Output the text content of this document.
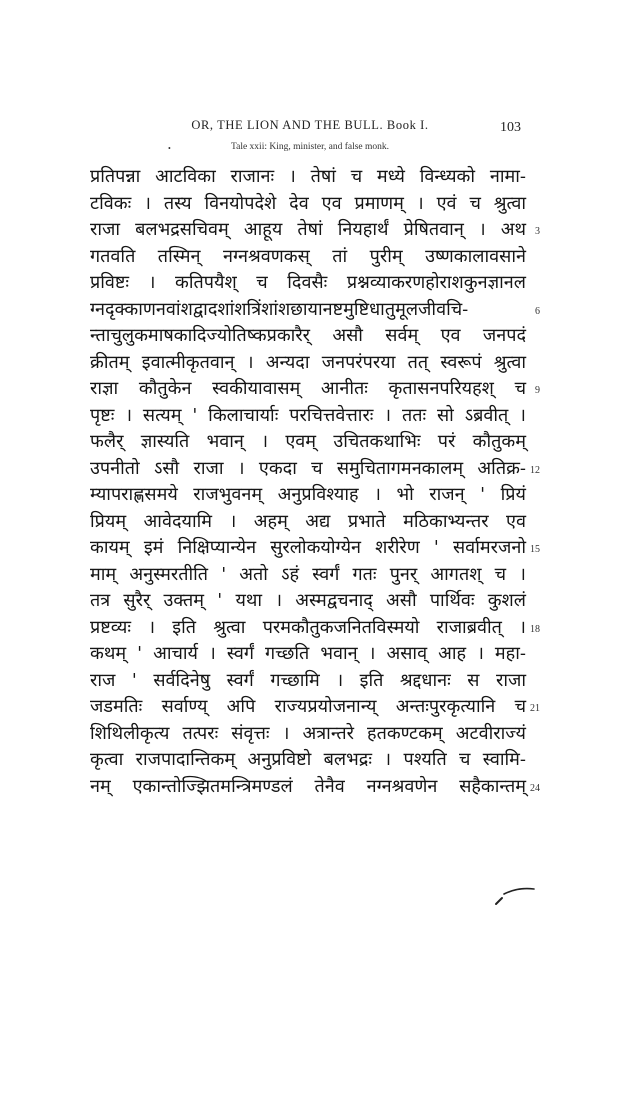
OR, THE LION AND THE BULL. Book I.	103
•	Tale xxii: King, minister, and false monk.
प्रतिपन्ना आटविका राजानः । तेषां च मध्ये विन्ध्यको नामा-
टविकः । तस्य विनयोपदेशे देव एव प्रमाणम् । एवं च श्रुत्वा
राजा बलभद्रसचिवम् आहूय तेषां नियहार्थं प्रेषितवान् । अथ 3
गतवति तस्मिन् नग्नश्रवणकस् तां पुरीम् उष्णकालावसाने
प्रविष्टः । कतिपयैश् च दिवसैः प्रश्नव्याकरणहोराशकुनज्ञानल
ग्नदृक्काणनवांशद्वादशांशत्रिंशांशछायानष्टमुष्टिधातुमूलजीवचि-	6
न्ताचुलुकमाषकादिज्योतिष्कप्रकारैर् असौ सर्वम् एव जनपदं
क्रीतम् इवात्मीकृतवान् । अन्यदा जनपरंपरया तत् स्वरूपं श्रुत्वा
राज्ञा कौतुकेन स्वकीयावासम् आनीतः कृतासनपरियहश् च 9
पृष्टः । सत्यम् ' किलाचार्याः परचित्तवेत्तारः । ततः सो ऽब्रवीत् ।
फलैर् ज्ञास्यति भवान् । एवम् उचितकथाभिः परं कौतुकम्
उपनीतो ऽसौ राजा । एकदा च समुचितागमनकालम् अतिक्र- 12
म्यापराह्णसमये राजभुवनम् अनुप्रविश्याह । भो राजन् ' प्रियं
प्रियम् आवेदयामि । अहम् अद्य प्रभाते मठिकाभ्यन्तर एव
कायम् इमं निक्षिप्यान्येन सुरलोकयोग्येन शरीरेण ' सर्वामरजनो 15
माम् अनुस्मरतीति ' अतो ऽहं स्वर्गं गतः पुनर् आगतश् च ।
तत्र सुरैर् उक्तम् ' यथा । अस्मद्वचनाद् असौ पार्थिवः कुशलं
प्रष्टव्यः । इति श्रुत्वा परमकौतुकजनितविस्मयो राजाब्रवीत् । 18
कथम् ' आचार्य । स्वर्गं गच्छति भवान् । असाव् आह । महा-
राज ' सर्वदिनेषु स्वर्गं गच्छामि । इति श्रद्दधानः स राजा
जडमतिः सर्वाण्य् अपि राज्यप्रयोजनान्य् अन्तःपुरकृत्यानि च 21
शिथिलीकृत्य तत्परः संवृत्तः । अत्रान्तरे हतकण्टकम् अटवीराज्यं
कृत्वा राजपादान्तिकम् अनुप्रविष्टो बलभद्रः । पश्यति च स्वामि-
नम् एकान्तोज्झितमन्त्रिमण्डलं तेनैव नग्नश्रवणेन सहैकान्तम् 24
